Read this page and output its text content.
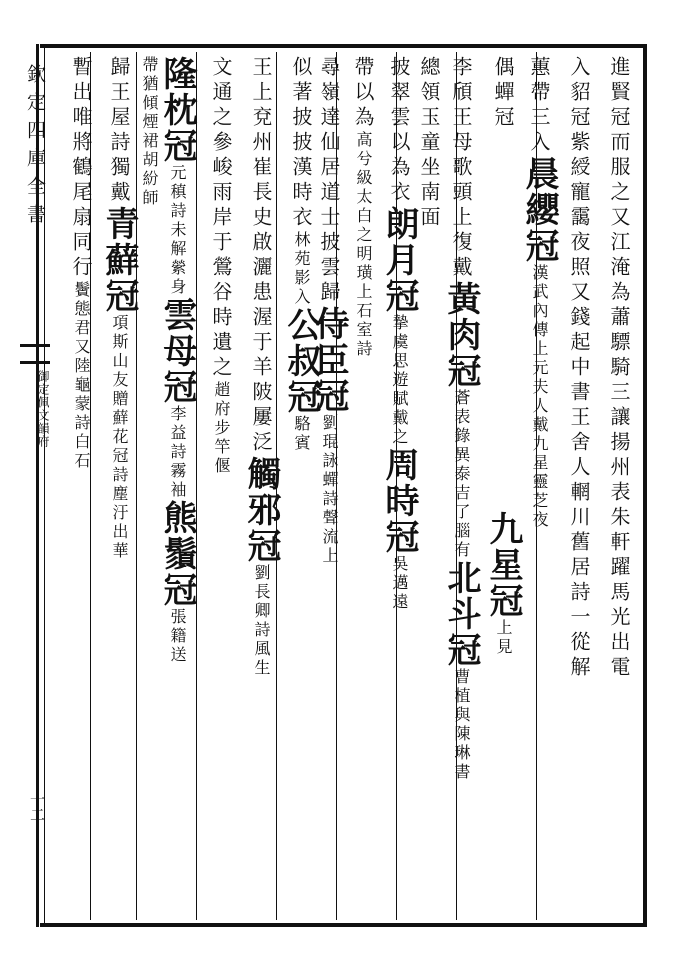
欽定四庫全書
御定佩文韻府
十二
進賢冠而服之又江淹為蕭驃騎三讓揚州表朱軒躍馬光出電
入貂冠紫綬寵靄夜照又錢起中書王舍人輞川舊居詩一從解
蕙帶三入晨纓冠漢武內傳上元夫人戴九星靈芝夜
偶蟬冠九星冠上見
李頎王母歌頭上復戴黃肉冠蒼表錄異泰吉了腦有北斗冠曹植與陳琳書
總領玉童坐南面
披翠雲以為衣朗月冠摯虞思遊賦戴之周時冠吳邁遠
帶以為高兮級太白之明璜上石室詩
尋嶺達仙居道士披雲歸侍臣冠劉琨詠蟬詩聲流上
似著披披漢時衣林苑影入公叔冠駱賓
王上兗州崔長史啟灑患渥于羊陂屢泛觸邪冠劉長卿詩風生
文通之參峻雨岸于鶯谷時遺之趙府步竿偃
隆枕冠元稹詩未解縈身雲母冠李益詩霧袖熊鬚冠張籍送
帶猶傾煙裙胡紛師
歸王屋詩獨戴青蘚冠項斯山友贈蘚花冠詩塵汙出華
暫出唯將鶴尾扇同行鬢態君又陸龜蒙詩白石
